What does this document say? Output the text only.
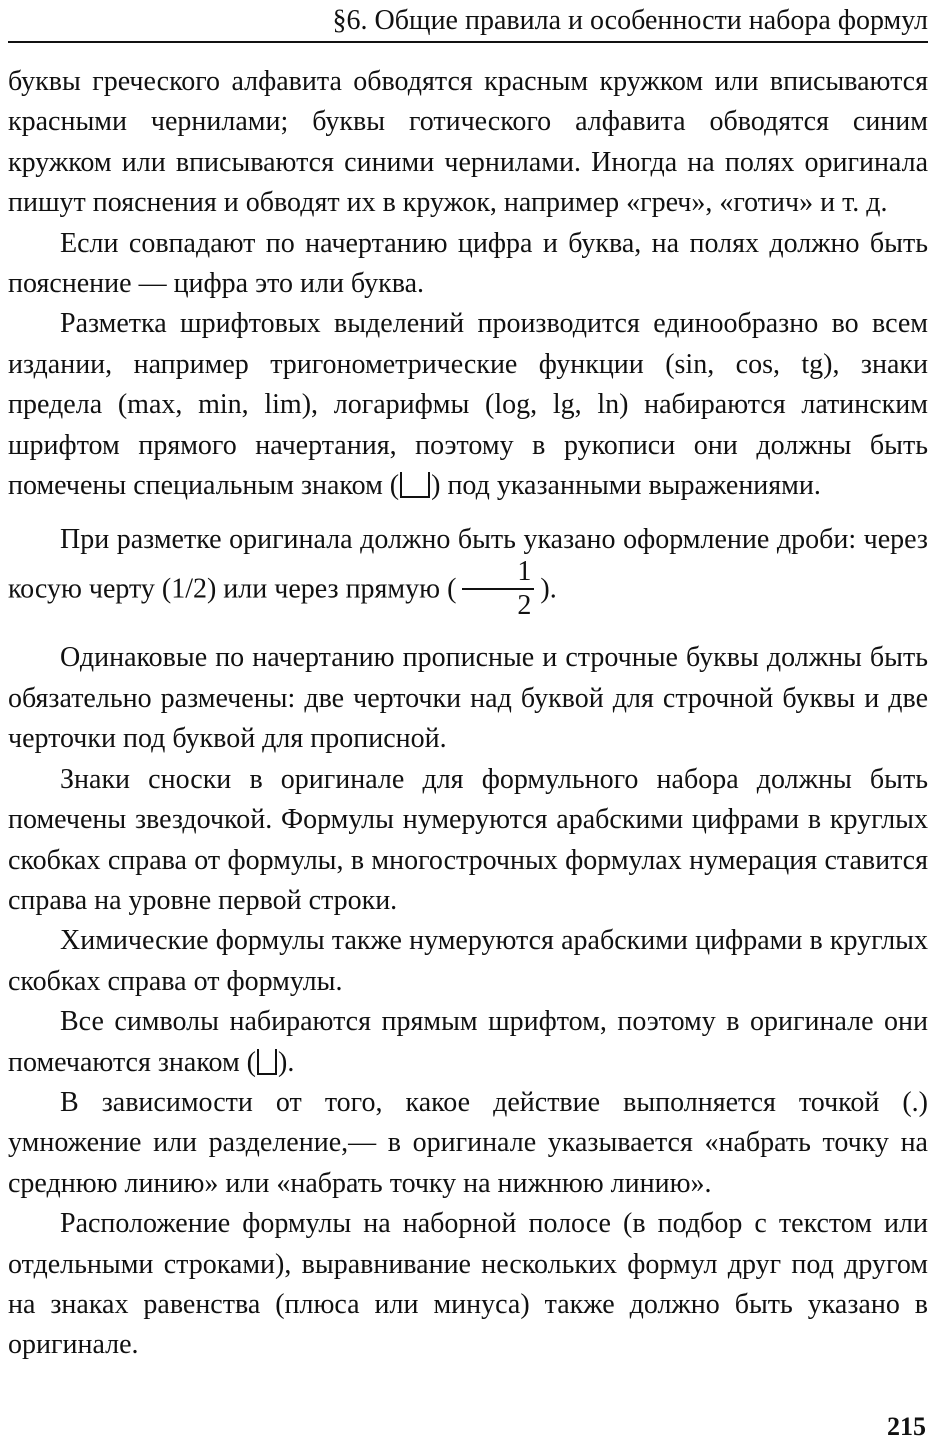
§6. Общие правила и особенности набора формул

буквы греческого алфавита обводятся красным кружком или вписываются красными чернилами; буквы готического алфавита обводятся синим кружком или вписываются синими чернилами. Иногда на полях оригинала пишут пояснения и обводят их в кружок, например «греч», «готич» и т. д.

Если совпадают по начертанию цифра и буква, на полях должно быть пояснение — цифра это или буква.

Разметка шрифтовых выделений производится единообразно во всем издании, например тригонометрические функции (sin, cos, tg), знаки предела (max, min, lim), логарифмы (log, lg, ln) набираются латинским шрифтом прямого начертания, поэтому в рукописи они должны быть помечены специальным знаком ( ) под указанными выражениями.

При разметке оригинала должно быть указано оформление дроби: через косую черту (1/2) или через прямую ( $\frac{1}{2}$ ).

Одинаковые по начертанию прописные и строчные буквы должны быть обязательно размечены: две черточки над буквой для строчной буквы и две черточки под буквой для прописной.

Знаки сноски в оригинале для формульного набора должны быть помечены звездочкой. Формулы нумеруются арабскими цифрами в круглых скобках справа от формулы, в многострочных формулах нумерация ставится справа на уровне первой строки.

Химические формулы также нумеруются арабскими цифрами в круглых скобках справа от формулы.

Все символы набираются прямым шрифтом, поэтому в оригинале они помечаются знаком ( ).

В зависимости от того, какое действие выполняется точкой (.) умножение или разделение,— в оригинале указывается «набрать точку на среднюю линию» или «набрать точку на нижнюю линию».

Расположение формулы на наборной полосе (в подбор с текстом или отдельными строками), выравнивание нескольких формул друг под другом на знаках равенства (плюса или минуса) также должно быть указано в оригинале.

215
